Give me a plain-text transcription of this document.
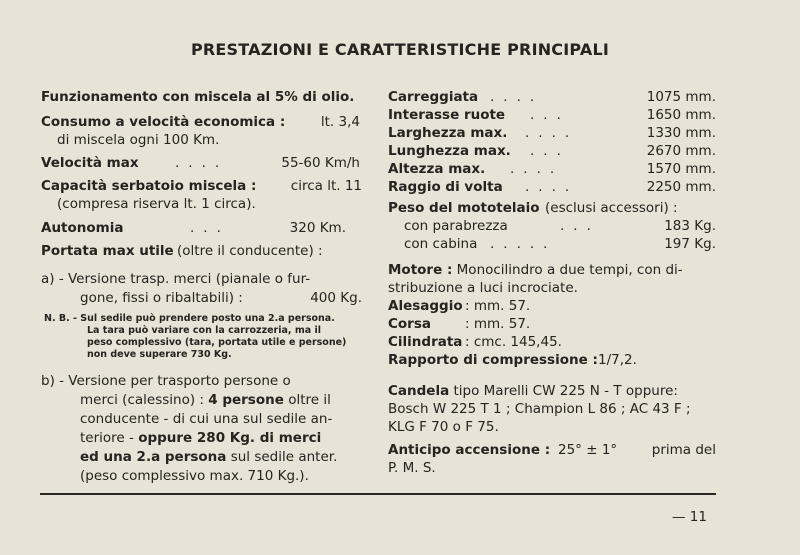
PRESTAZIONI E CARATTERISTICHE PRINCIPALI
Funzionamento con miscela al 5% di olio.
Consumo a velocità economica :	lt. 3,4
di miscela ogni 100 Km.
Velocità max	....	55-60 Km/h
Capacità serbatoio miscela :	circa lt. 11
(compresa riserva lt. 1 circa).
Autonomia	...	320 Km.
Portata max utile (oltre il conducente) :
a) - Versione trasp. merci (pianale o fur-
gone, fissi o ribaltabili) :	400 Kg.
N. B. - Sul sedile può prendere posto una 2.a persona.
La tara può variare con la carrozzeria, ma il
peso complessivo (tara, portata utile e persone)
non deve superare 730 Kg.
b) - Versione per trasporto persone o
merci (calessino) : 4 persone oltre il
conducente - di cui una sul sedile an-
teriore - oppure 280 Kg. di merci
ed una 2.a persona sul sedile anter.
(peso complessivo max. 710 Kg.).
Carreggiata ....	1075 mm.
Interasse ruote ...	1650 mm.
Larghezza max. ....	1330 mm.
Lunghezza max. ...	2670 mm.
Altezza max. ....	1570 mm.
Raggio di volta ....	2250 mm.
Peso del mototelaio (esclusi accessori) :
con parabrezza	...	183 Kg.
con cabina .....	197 Kg.
Motore : Monocilindro a due tempi, con di-
stribuzione a luci incrociate.
Alesaggio : mm. 57.
Corsa	: mm. 57.
Cilindrata : cmc. 145,45.
Rapporto di compressione : 1/7,2.
Candela tipo Marelli CW 225 N - T oppure:
Bosch W 225 T 1 ; Champion L 86 ; AC 43 F ;
KLG F 70 o F 75.
Anticipo accensione : 25° ± 1°	prima del
P. M. S.
— 11
